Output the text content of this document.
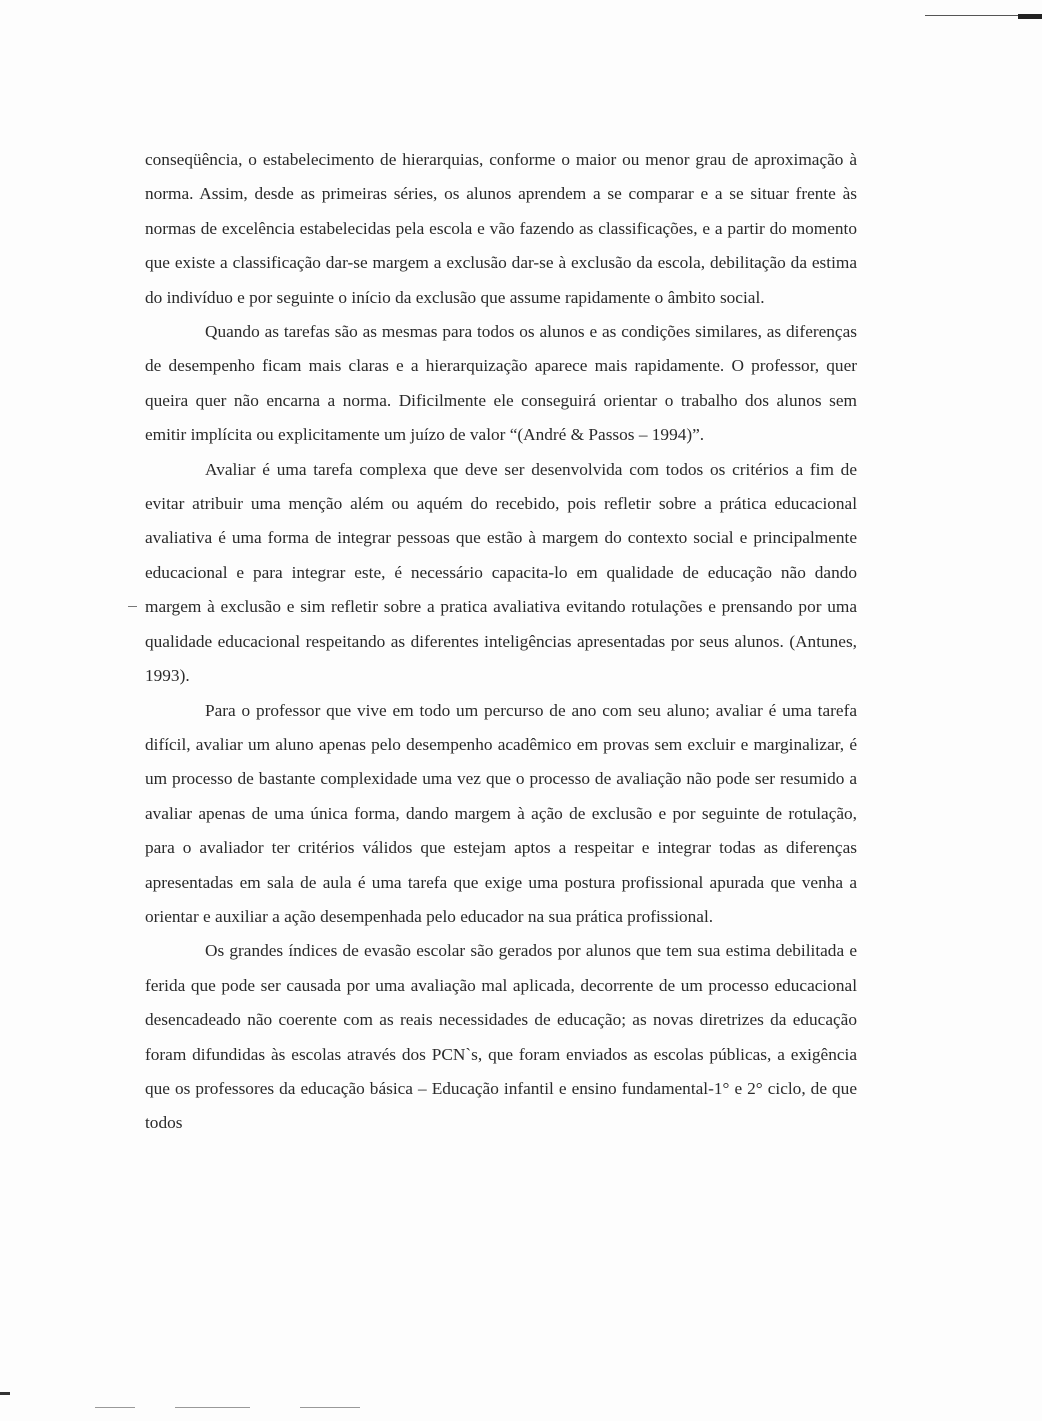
conseqüência, o estabelecimento de hierarquias, conforme o maior ou menor grau de aproximação à norma. Assim, desde as primeiras séries, os alunos aprendem a se comparar e a se situar frente às normas de excelência estabelecidas pela escola e vão fazendo as classificações, e a partir do momento que existe a classificação dar-se margem a exclusão dar-se à exclusão da escola, debilitação da estima do indivíduo e por seguinte o início da exclusão que assume rapidamente o âmbito social.

Quando as tarefas são as mesmas para todos os alunos e as condições similares, as diferenças de desempenho ficam mais claras e a hierarquização aparece mais rapidamente. O professor, quer queira quer não encarna a norma. Dificilmente ele conseguirá orientar o trabalho dos alunos sem emitir implícita ou explicitamente um juízo de valor “(André & Passos – 1994)”.

Avaliar é uma tarefa complexa que deve ser desenvolvida com todos os critérios a fim de evitar atribuir uma menção além ou aquém do recebido, pois refletir sobre a prática educacional avaliativa é uma forma de integrar pessoas que estão à margem do contexto social e principalmente educacional e para integrar este, é necessário capacita-lo em qualidade de educação não dando margem à exclusão e sim refletir sobre a pratica avaliativa evitando rotulações e prensando por uma qualidade educacional respeitando as diferentes inteligências apresentadas por seus alunos. (Antunes, 1993).

Para o professor que vive em todo um percurso de ano com seu aluno; avaliar é uma tarefa difícil, avaliar um aluno apenas pelo desempenho acadêmico em provas sem excluir e marginalizar, é um processo de bastante complexidade uma vez que o processo de avaliação não pode ser resumido a avaliar apenas de uma única forma, dando margem à ação de exclusão e por seguinte de rotulação, para o avaliador ter critérios válidos que estejam aptos a respeitar e integrar todas as diferenças apresentadas em sala de aula é uma tarefa que exige uma postura profissional apurada que venha a orientar e auxiliar a ação desempenhada pelo educador na sua prática profissional.

Os grandes índices de evasão escolar são gerados por alunos que tem sua estima debilitada e ferida que pode ser causada por uma avaliação mal aplicada, decorrente de um processo educacional desencadeado não coerente com as reais necessidades de educação; as novas diretrizes da educação foram difundidas às escolas através dos PCN`s, que foram enviados as escolas públicas, a exigência que os professores da educação básica – Educação infantil e ensino fundamental-1° e 2° ciclo, de que todos
